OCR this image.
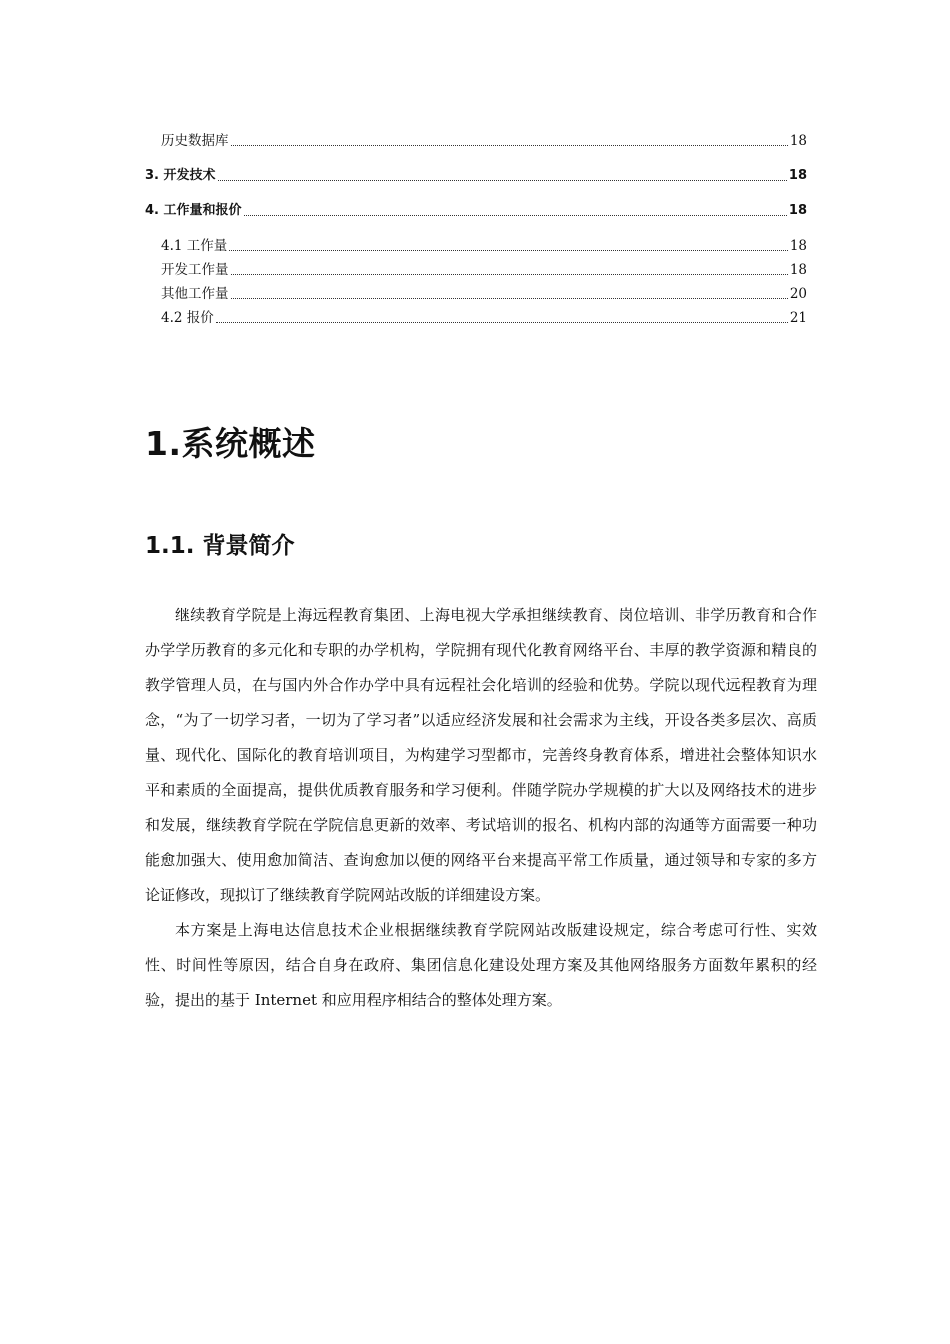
历史数据库	18
3. 开发技术	18
4. 工作量和报价	18
4.1 工作量	18
开发工作量	18
其他工作量	20
4.2 报价	21
1.系统概述
1.1. 背景简介

继续教育学院是上海远程教育集团、上海电视大学承担继续教育、岗位培训、非学历教育和合作办学学历教育的多元化和专职的办学机构，学院拥有现代化教育网络平台、丰厚的教学资源和精良的教学管理人员，在与国内外合作办学中具有远程社会化培训的经验和优势。学院以现代远程教育为理念，“为了一切学习者，一切为了学习者”以适应经济发展和社会需求为主线，开设各类多层次、高质量、现代化、国际化的教育培训项目，为构建学习型都市，完善终身教育体系，增进社会整体知识水平和素质的全面提高，提供优质教育服务和学习便利。伴随学院办学规模的扩大以及网络技术的进步和发展，继续教育学院在学院信息更新的效率、考试培训的报名、机构内部的沟通等方面需要一种功能愈加强大、使用愈加简洁、查询愈加以便的网络平台来提高平常工作质量，通过领导和专家的多方论证修改，现拟订了继续教育学院网站改版的详细建设方案。

本方案是上海电达信息技术企业根据继续教育学院网站改版建设规定，综合考虑可行性、实效性、时间性等原因，结合自身在政府、集团信息化建设处理方案及其他网络服务方面数年累积的经验，提出的基于 Internet 和应用程序相结合的整体处理方案。
